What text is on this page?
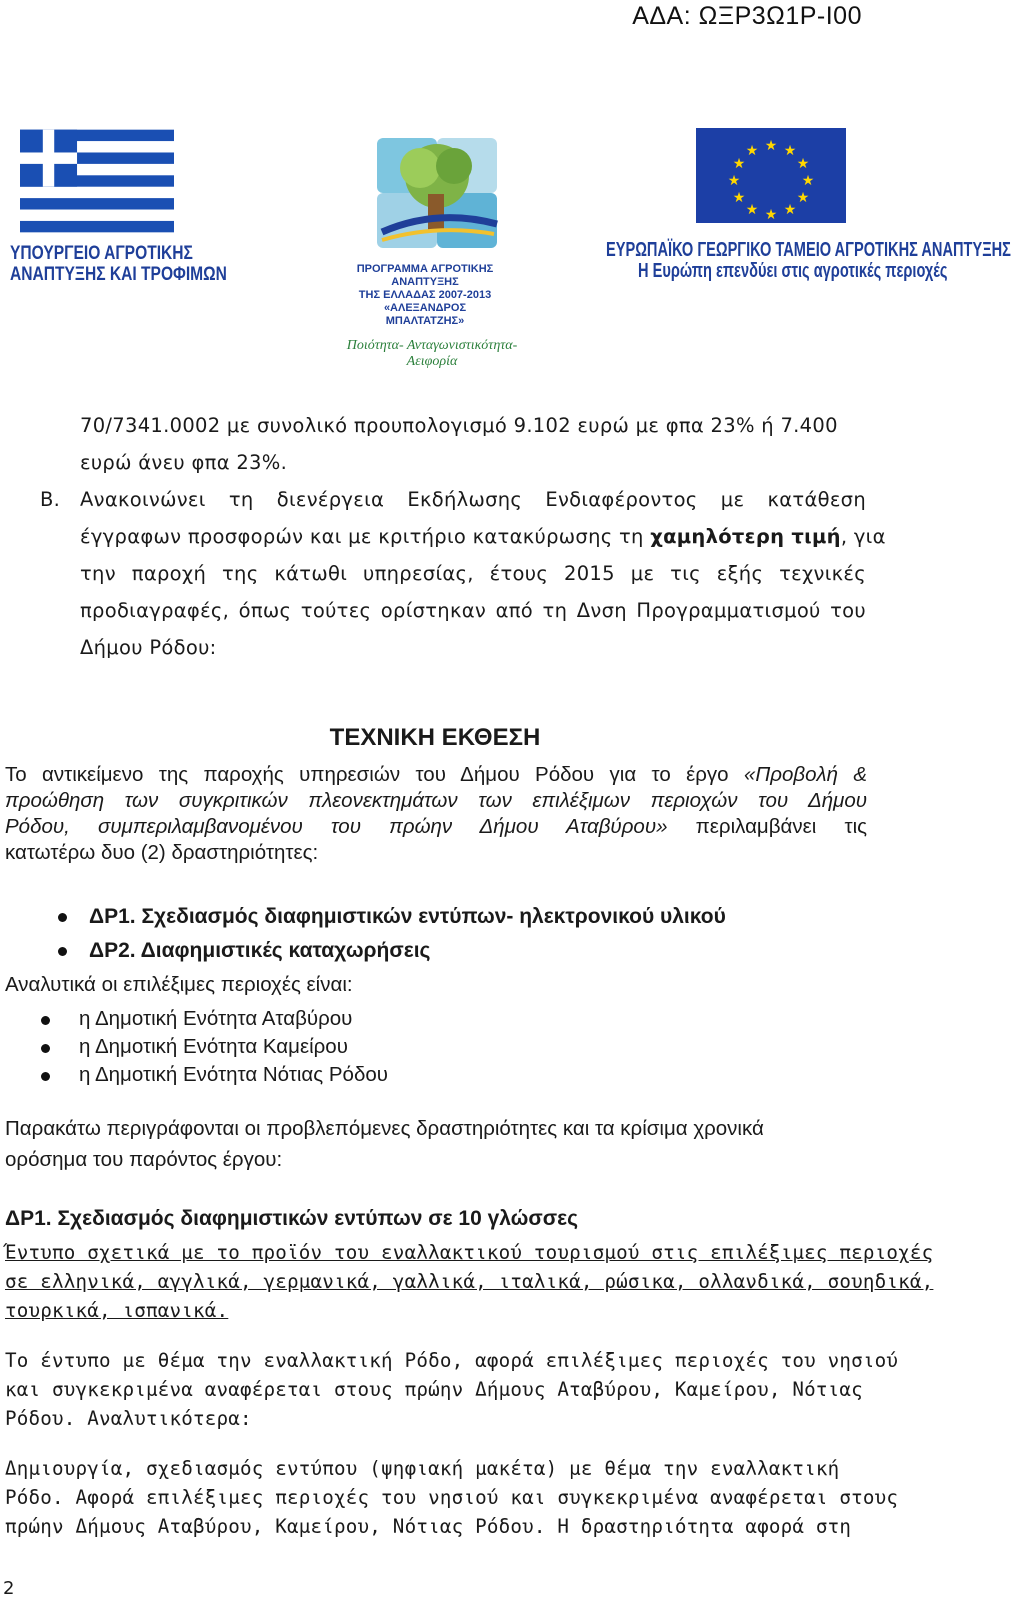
ΑΔΑ: ΩΞΡ3Ω1Ρ-Ι00
ΥΠΟΥΡΓΕΙΟ ΑΓΡΟΤΙΚΗΣ
ΑΝΑΠΤΥΞΗΣ ΚΑΙ ΤΡΟΦΙΜΩΝ	ΠΡΟΓΡΑΜΜΑ ΑΓΡΟΤΙΚΗΣ ΑΝΑΠΤΥΞΗΣ
ΤΗΣ ΕΛΛΑΔΑΣ 2007-2013
«ΑΛΕΞΑΝΔΡΟΣ ΜΠΑΛΤΑΤΖΗΣ»
Ποιότητα- Ανταγωνιστικότητα-Αειφορία
★ ★
★
★
★
★
★
★
★
★
★
★
ΕΥΡΩΠΑΪΚΟ ΓΕΩΡΓΙΚΟ ΤΑΜΕΙΟ ΑΓΡΟΤΙΚΗΣ ΑΝΑΠΤΥΞΗΣ
Η Ευρώπη επενδύει στις αγροτικές περιοχές
70/7341.0002 με συνολικό προυπολογισμό 9.102 ευρώ με φπα 23% ή 7.400
ευρώ άνευ φπα 23%.
Β. Ανακοινώνει τη διενέργεια Εκδήλωσης Ενδιαφέροντος με κατάθεση
έγγραφων προσφορών και με κριτήριο κατακύρωσης τη χαμηλότερη τιμή, για
την παροχή της κάτωθι υπηρεσίας, έτους 2015 με τις εξής τεχνικές
προδιαγραφές, όπως τούτες ορίστηκαν από τη Δνση Προγραμματισμού του
Δήμου Ρόδου:
ΤΕΧΝΙΚΗ ΕΚΘΕΣΗ
Το αντικείμενο της παροχής υπηρεσιών του Δήμου Ρόδου για το έργο «Προβολή &
προώθηση των συγκριτικών πλεονεκτημάτων των επιλέξιμων περιοχών του Δήμου
Ρόδου, συμπεριλαμβανομένου του πρώην Δήμου Αταβύρου» περιλαμβάνει τις
κατωτέρω δυο (2) δραστηριότητες:
ΔΡ1. Σχεδιασμός διαφημιστικών εντύπων- ηλεκτρονικού υλικού
ΔΡ2. Διαφημιστικές καταχωρήσεις
Αναλυτικά οι επιλέξιμες περιοχές είναι:
η Δημοτική Ενότητα Αταβύρου
η Δημοτική Ενότητα Καμείρου
η Δημοτική Ενότητα Νότιας Ρόδου
Παρακάτω περιγράφονται οι προβλεπόμενες δραστηριότητες και τα κρίσιμα χρονικά
ορόσημα του παρόντος έργου:
ΔΡ1. Σχεδιασμός διαφημιστικών εντύπων σε 10 γλώσσες
Έντυπο σχετικά με το προϊόν του εναλλακτικού τουρισμού στις επιλέξιμες περιοχές
σε ελληνικά, αγγλικά, γερμανικά, γαλλικά, ιταλικά, ρώσικα, ολλανδικά, σουηδικά,
τουρκικά, ισπανικά.
Το έντυπο με θέμα την εναλλακτική Ρόδο, αφορά επιλέξιμες περιοχές του νησιού
και συγκεκριμένα αναφέρεται στους πρώην Δήμους Αταβύρου, Καμείρου, Νότιας
Ρόδου. Αναλυτικότερα:
Δημιουργία, σχεδιασμός εντύπου (ψηφιακή μακέτα) με θέμα την εναλλακτική
Ρόδο. Αφορά επιλέξιμες περιοχές του νησιού και συγκεκριμένα αναφέρεται στους
πρώην Δήμους Αταβύρου, Καμείρου, Νότιας Ρόδου. Η δραστηριότητα αφορά στη
2
